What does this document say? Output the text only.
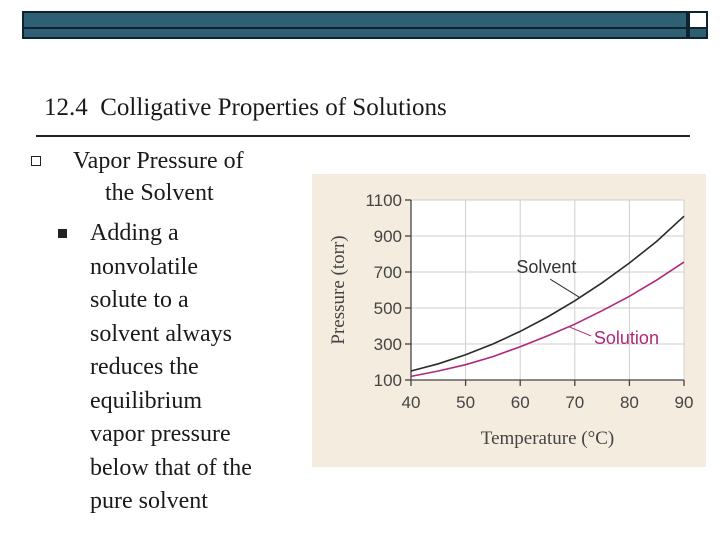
12.4  Colligative Properties of Solutions
Vapor Pressure of
the Solvent
Adding a
nonvolatile
solute to a
solvent always
reduces the
equilibrium
vapor pressure
below that of the
pure solvent
100
300
500
700
900
1100
40 50 60 70 80 90
Temperature (°C)
Pressure (torr)	Solvent
Solution
